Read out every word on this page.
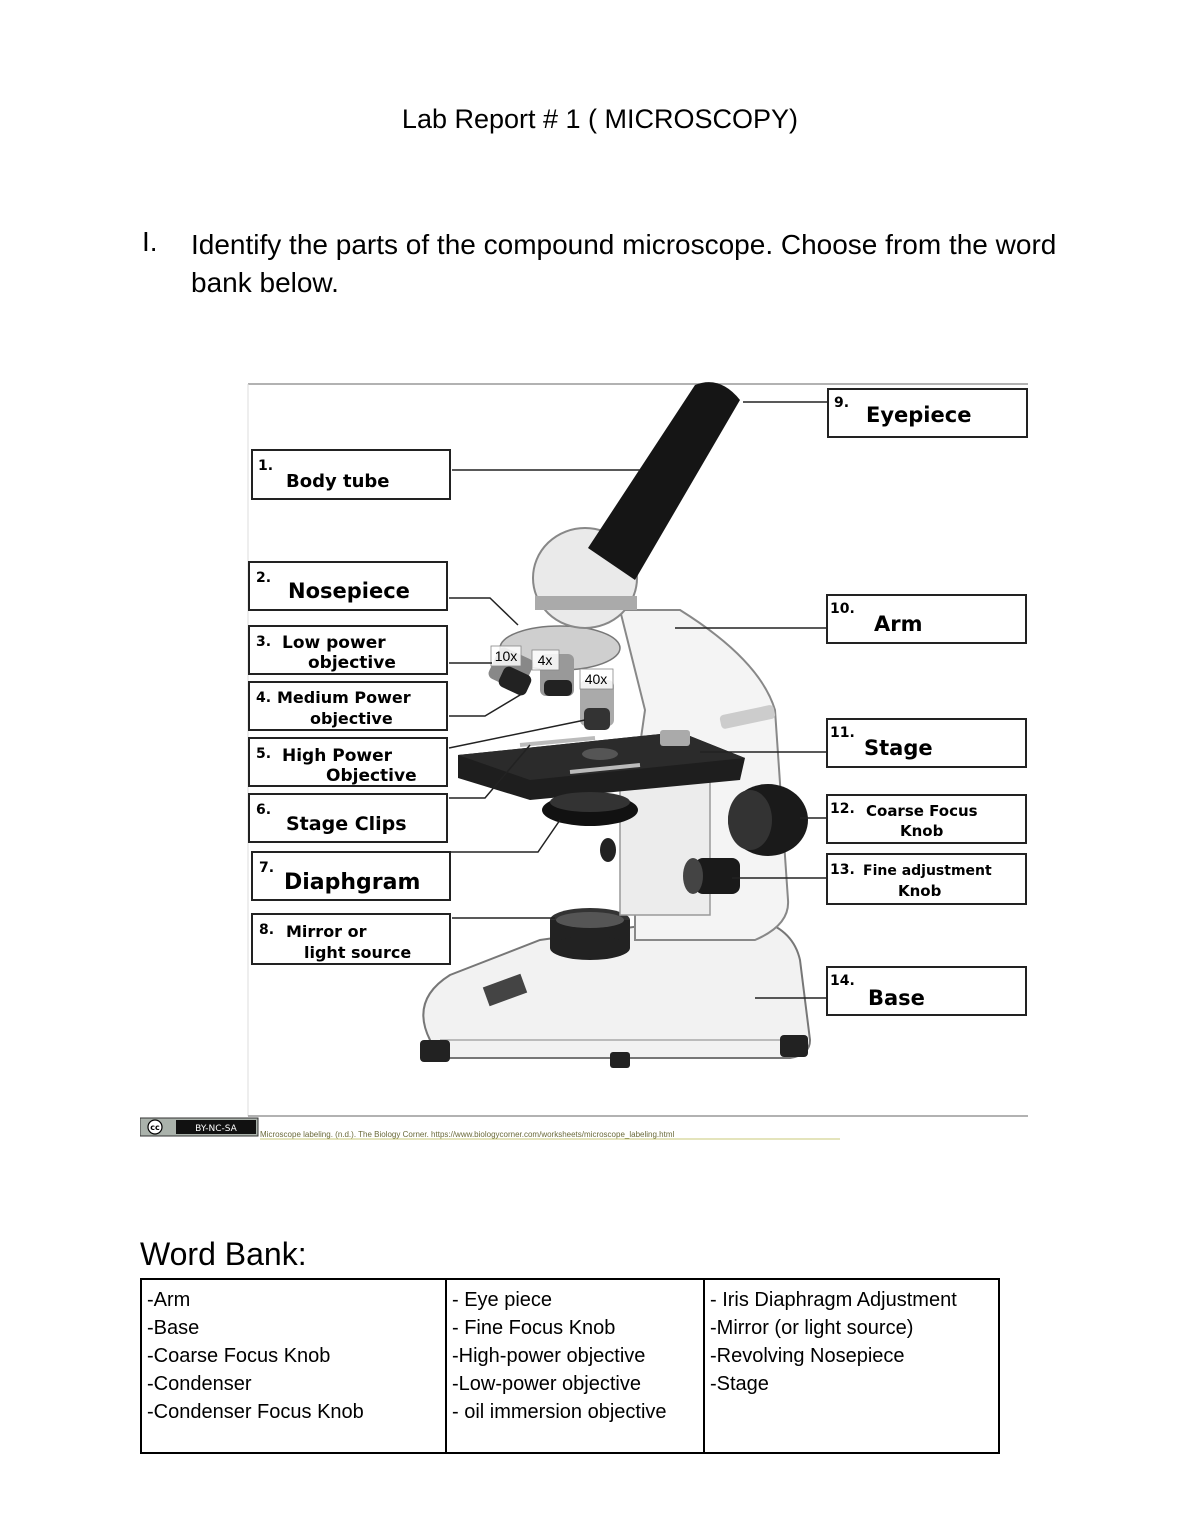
Lab Report # 1 ( MICROSCOPY)
I. Identify the parts of the compound microscope. Choose from the word bank below.
10x 4x
40x
1.
Body tube
2.
Nosepiece
3. Low power
objective
4. Medium Power
objective
5. High Power
Objective
6.
Stage Clips
7.
Diaphgram
8. Mirror or
light source
9. Eyepiece
10.
Arm
11.
Stage
12. Coarse Focus
Knob
13. Fine adjustment
Knob
14.
Base
cc	BY-NC-SA
Microscope labeling. (n.d.). The Biology Corner. https://www.biologycorner.com/worksheets/microscope_labeling.html
Word Bank:
-Arm
-Base
-Coarse Focus Knob
-Condenser
-Condenser Focus Knob
- Eye piece
- Fine Focus Knob
-High-power objective
-Low-power objective
- oil immersion objective
- Iris Diaphragm Adjustment
-Mirror (or light source)
-Revolving Nosepiece
-Stage
